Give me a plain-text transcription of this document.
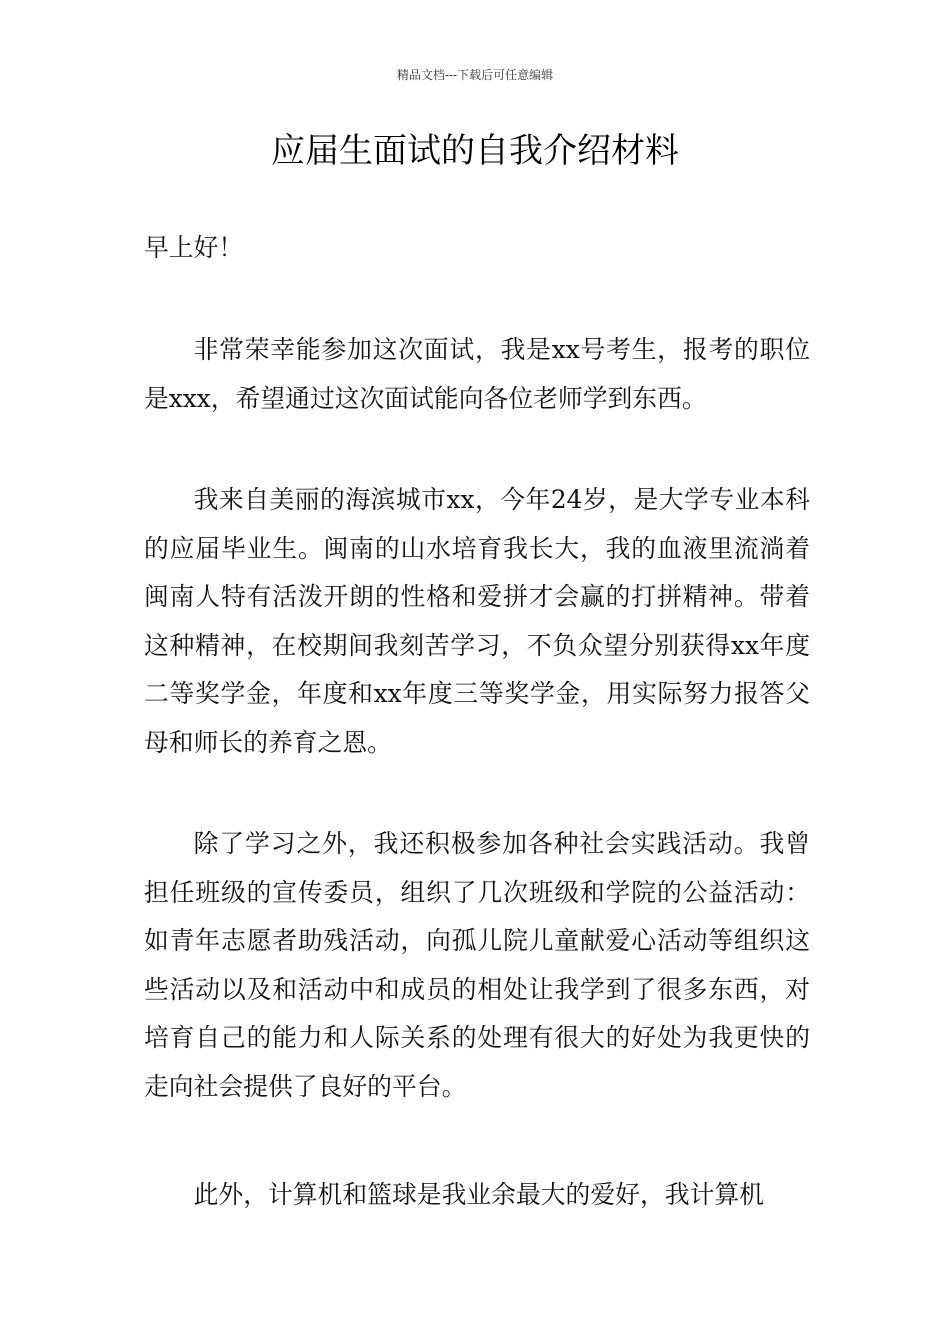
精品文档---下载后可任意编辑
应届生面试的自我介绍材料

早上好！

非常荣幸能参加这次面试，我是xx号考生，报考的职位是xxx，希望通过这次面试能向各位老师学到东西。

我来自美丽的海滨城市xx，今年24岁，是大学专业本科的应届毕业生。闽南的山水培育我长大，我的血液里流淌着闽南人特有活泼开朗的性格和爱拼才会赢的打拼精神。带着这种精神，在校期间我刻苦学习，不负众望分别获得xx年度二等奖学金，年度和xx年度三等奖学金，用实际努力报答父母和师长的养育之恩。

除了学习之外，我还积极参加各种社会实践活动。我曾担任班级的宣传委员，组织了几次班级和学院的公益活动：如青年志愿者助残活动，向孤儿院儿童献爱心活动等组织这些活动以及和活动中和成员的相处让我学到了很多东西，对培育自己的能力和人际关系的处理有很大的好处为我更快的走向社会提供了良好的平台。

此外，计算机和篮球是我业余最大的爱好，我计算机
